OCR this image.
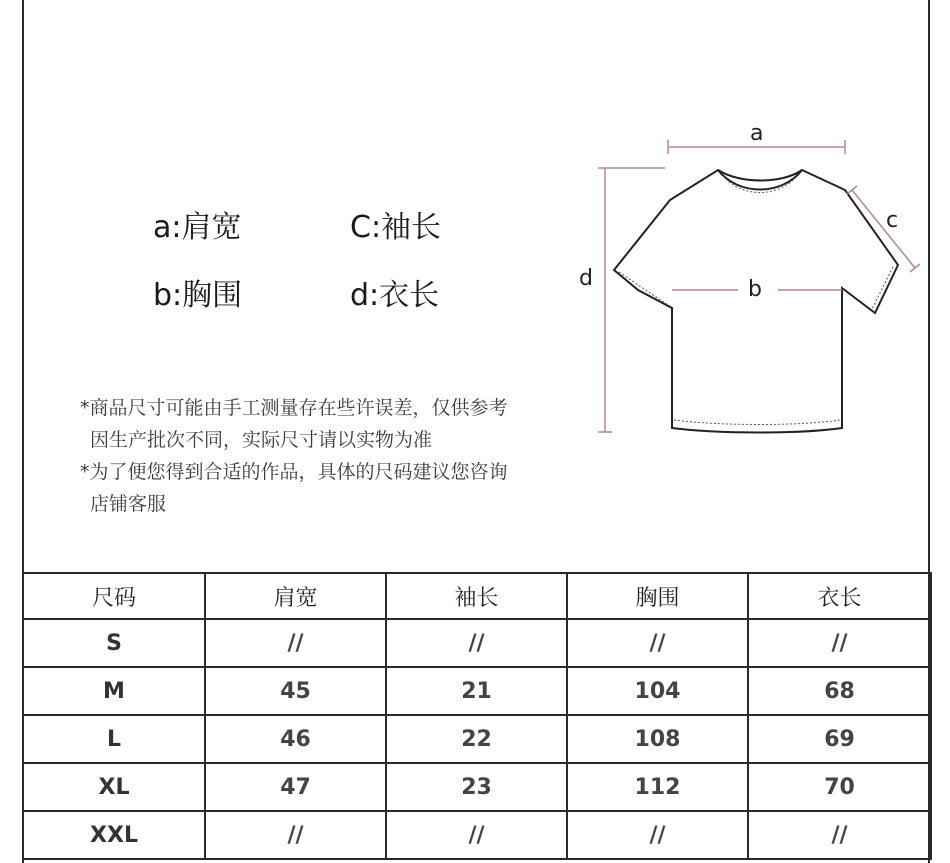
a:肩宽	C:袖长
b:胸围	d:衣长
*商品尺寸可能由手工测量存在些许误差，仅供参考
因生产批次不同，实际尺寸请以实物为准
*为了便您得到合适的作品，具体的尺码建议您咨询
店铺客服
a
b
c
d
尺码	肩宽	袖长	胸围	衣长
S	//	//	//	//
M	45	21	104	68
L	46	22	108	69
XL	47	23	112	70
XXL	//	//	//	//
